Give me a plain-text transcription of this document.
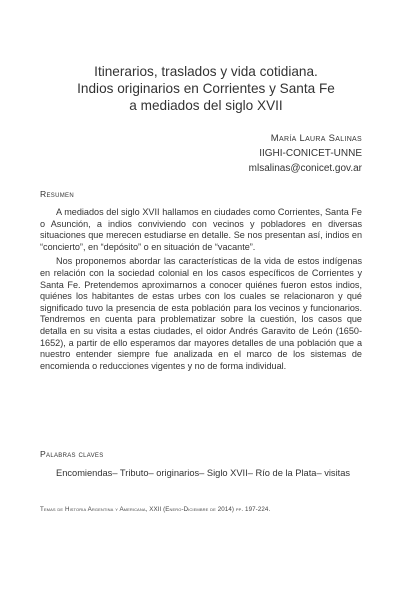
Itinerarios, traslados y vida cotidiana.
Indios originarios en Corrientes y Santa Fe
a mediados del siglo XVII
María Laura Salinas
IIGHI-CONICET-UNNE
mlsalinas@conicet.gov.ar
Resumen

A mediados del siglo XVII hallamos en ciudades como Corrientes, Santa Fe o Asunción, a indios conviviendo con vecinos y pobladores en diversas situaciones que merecen estudiarse en detalle. Se nos presentan así, indios en “concierto”, en “depósito” o en situación de “vacante”.

Nos proponemos abordar las características de la vida de estos indígenas en relación con la sociedad colonial en los casos específicos de Corrientes y Santa Fe. Pretendemos aproximarnos a conocer quiénes fueron estos indios, quiénes los habitantes de estas urbes con los cuales se relacionaron y qué significado tuvo la presencia de esta población para los vecinos y funcionarios. Tendremos en cuenta para problematizar sobre la cuestión, los casos que detalla en su visita a estas ciudades, el oidor Andrés Garavito de León (1650-1652), a partir de ello esperamos dar mayores detalles de una población que a nuestro entender siempre fue analizada en el marco de los sistemas de encomienda o reducciones vigentes y no de forma individual.

Palabras claves
Encomiendas– Tributo– originarios– Siglo XVII– Río de la Plata– visitas
Temas de Historia Argentina y Americana, XXII (Enero-Diciembre de 2014) pp. 197-224.
